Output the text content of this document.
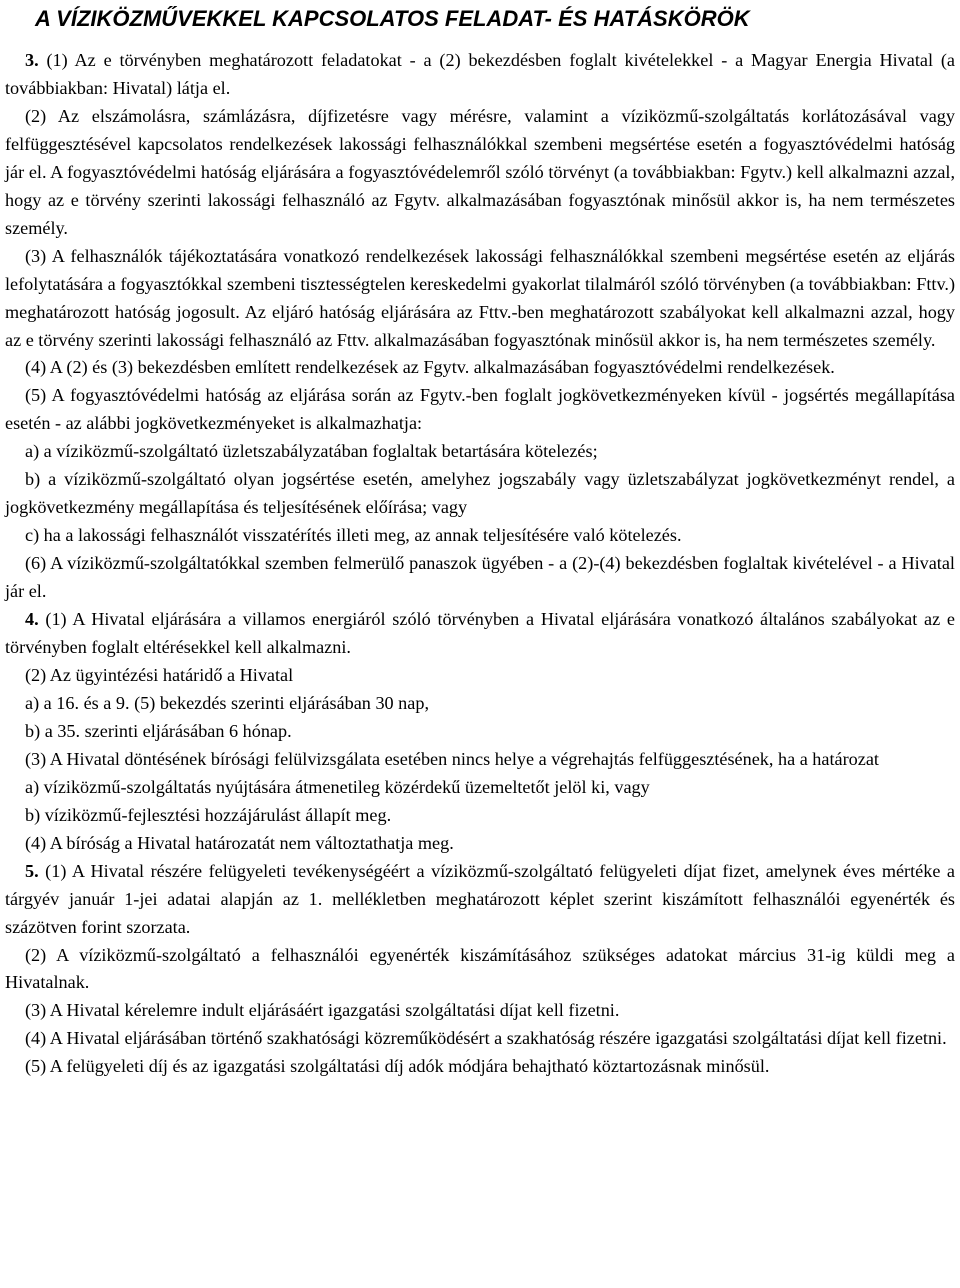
A VÍZIKÖZMŰVEKKEL KAPCSOLATOS FELADAT- ÉS HATÁSKÖRÖK

3. (1) Az e törvényben meghatározott feladatokat - a (2) bekezdésben foglalt kivételekkel - a Magyar Energia Hivatal (a továbbiakban: Hivatal) látja el.

(2) Az elszámolásra, számlázásra, díjfizetésre vagy mérésre, valamint a víziközmű-szolgáltatás korlátozásával vagy felfüggesztésével kapcsolatos rendelkezések lakossági felhasználókkal szembeni megsértése esetén a fogyasztóvédelmi hatóság jár el. A fogyasztóvédelmi hatóság eljárására a fogyasztóvédelemről szóló törvényt (a továbbiakban: Fgytv.) kell alkalmazni azzal, hogy az e törvény szerinti lakossági felhasználó az Fgytv. alkalmazásában fogyasztónak minősül akkor is, ha nem természetes személy.

(3) A felhasználók tájékoztatására vonatkozó rendelkezések lakossági felhasználókkal szembeni megsértése esetén az eljárás lefolytatására a fogyasztókkal szembeni tisztességtelen kereskedelmi gyakorlat tilalmáról szóló törvényben (a továbbiakban: Fttv.) meghatározott hatóság jogosult. Az eljáró hatóság eljárására az Fttv.-ben meghatározott szabályokat kell alkalmazni azzal, hogy az e törvény szerinti lakossági felhasználó az Fttv. alkalmazásában fogyasztónak minősül akkor is, ha nem természetes személy.

(4) A (2) és (3) bekezdésben említett rendelkezések az Fgytv. alkalmazásában fogyasztóvédelmi rendelkezések.

(5) A fogyasztóvédelmi hatóság az eljárása során az Fgytv.-ben foglalt jogkövetkezményeken kívül - jogsértés megállapítása esetén - az alábbi jogkövetkezményeket is alkalmazhatja:

a) a víziközmű-szolgáltató üzletszabályzatában foglaltak betartására kötelezés;

b) a víziközmű-szolgáltató olyan jogsértése esetén, amelyhez jogszabály vagy üzletszabályzat jogkövetkezményt rendel, a jogkövetkezmény megállapítása és teljesítésének előírása; vagy

c) ha a lakossági felhasználót visszatérítés illeti meg, az annak teljesítésére való kötelezés.

(6) A víziközmű-szolgáltatókkal szemben felmerülő panaszok ügyében - a (2)-(4) bekezdésben foglaltak kivételével - a Hivatal jár el.

4. (1) A Hivatal eljárására a villamos energiáról szóló törvényben a Hivatal eljárására vonatkozó általános szabályokat az e törvényben foglalt eltérésekkel kell alkalmazni.

(2) Az ügyintézési határidő a Hivatal

a) a 16. és a 9. (5) bekezdés szerinti eljárásában 30 nap,

b) a 35. szerinti eljárásában 6 hónap.

(3) A Hivatal döntésének bírósági felülvizsgálata esetében nincs helye a végrehajtás felfüggesztésének, ha a határozat

a) víziközmű-szolgáltatás nyújtására átmenetileg közérdekű üzemeltetőt jelöl ki, vagy

b) víziközmű-fejlesztési hozzájárulást állapít meg.

(4) A bíróság a Hivatal határozatát nem változtathatja meg.

5. (1) A Hivatal részére felügyeleti tevékenységéért a víziközmű-szolgáltató felügyeleti díjat fizet, amelynek éves mértéke a tárgyév január 1-jei adatai alapján az 1. mellékletben meghatározott képlet szerint kiszámított felhasználói egyenérték és százötven forint szorzata.

(2) A víziközmű-szolgáltató a felhasználói egyenérték kiszámításához szükséges adatokat március 31-ig küldi meg a Hivatalnak.

(3) A Hivatal kérelemre indult eljárásáért igazgatási szolgáltatási díjat kell fizetni.

(4) A Hivatal eljárásában történő szakhatósági közreműködésért a szakhatóság részére igazgatási szolgáltatási díjat kell fizetni.

(5) A felügyeleti díj és az igazgatási szolgáltatási díj adók módjára behajtható köztartozásnak minősül.
